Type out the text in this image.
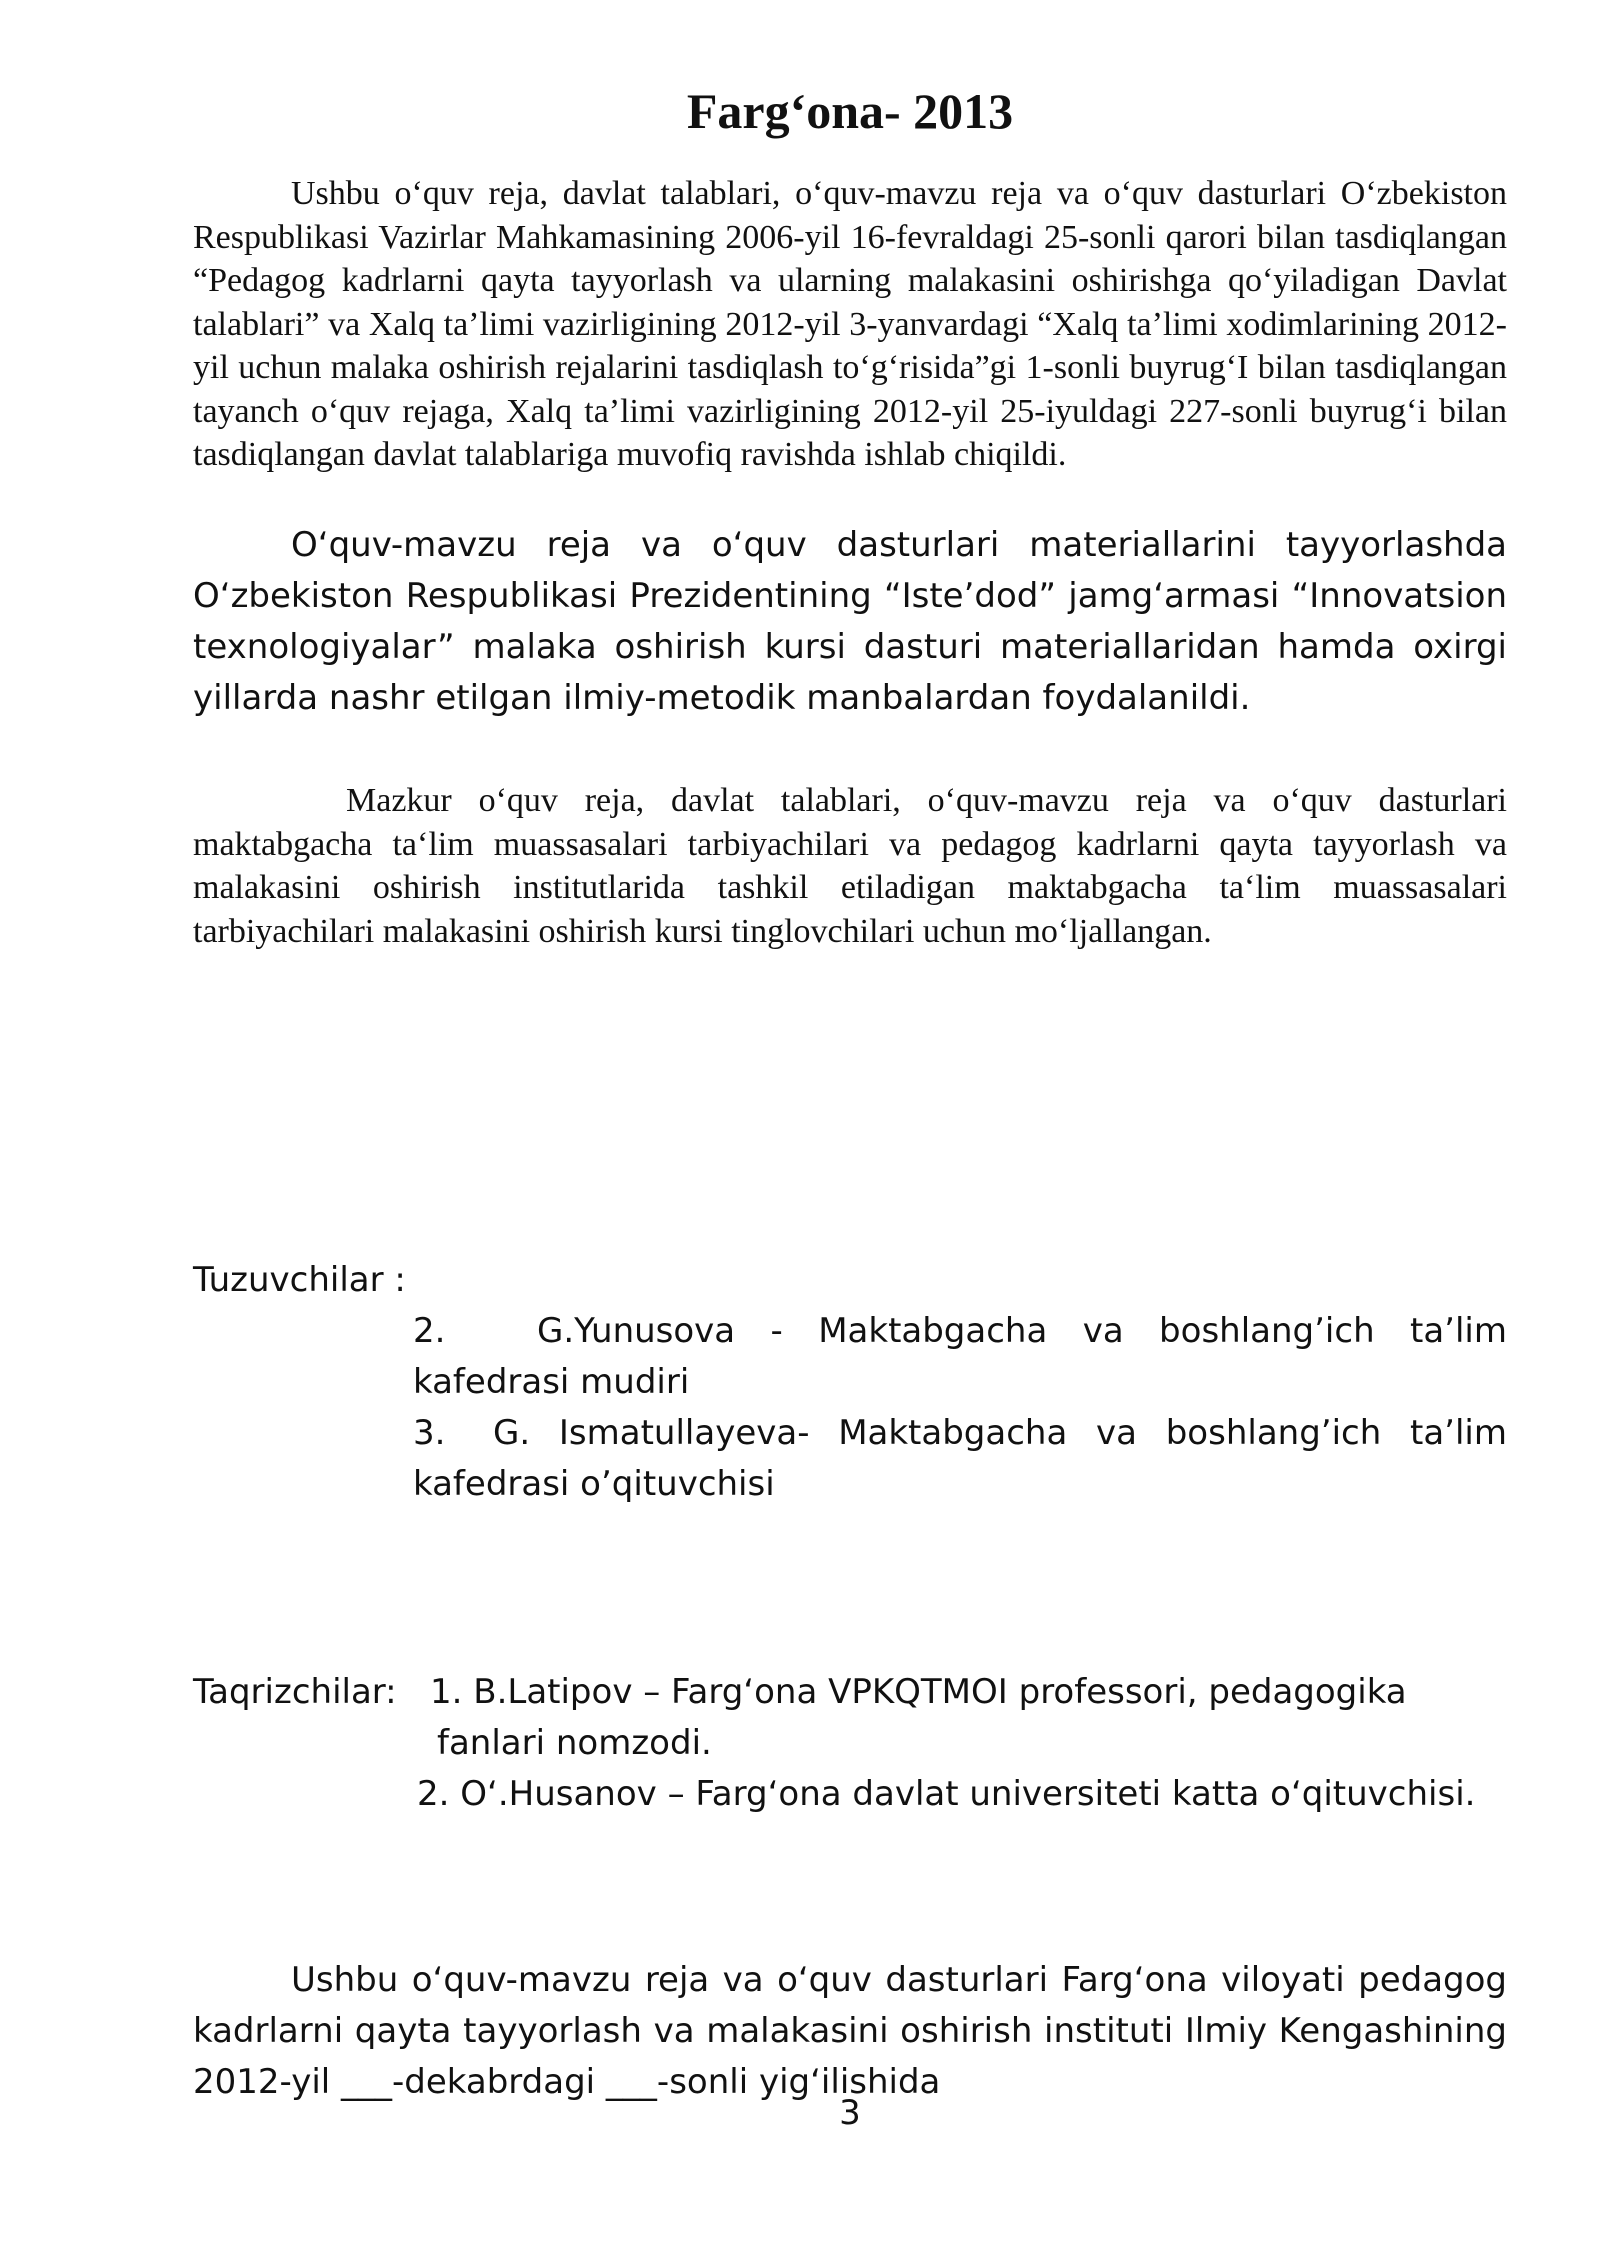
Farg‘ona- 2013

Ushbu o‘quv reja, davlat talablari, o‘quv-mavzu reja va o‘quv dasturlari O‘zbekiston Respublikasi Vazirlar Mahkamasining 2006-yil 16-fevraldagi 25-sonli qarori bilan tasdiqlangan “Pedagog kadrlarni qayta tayyorlash va ularning malakasini oshirishga qo‘yiladigan Davlat talablari” va Xalq ta’limi vazirligining 2012-yil 3-yanvardagi “Xalq ta’limi xodimlarining 2012-yil uchun malaka oshirish rejalarini tasdiqlash to‘g‘risida”gi 1-sonli buyrug‘I bilan tasdiqlangan tayanch o‘quv rejaga, Xalq ta’limi vazirligining 2012-yil 25-iyuldagi 227-sonli buyrug‘i bilan tasdiqlangan davlat talablariga muvofiq ravishda ishlab chiqildi.

O‘quv-mavzu reja va o‘quv dasturlari materiallarini tayyorlashda O‘zbekiston Respublikasi Prezidentining “Iste’dod” jamg‘armasi “Innovatsion texnologiyalar” malaka oshirish kursi dasturi materiallaridan hamda oxirgi yillarda nashr etilgan ilmiy-metodik manbalardan foydalanildi.

Mazkur o‘quv reja, davlat talablari, o‘quv-mavzu reja va o‘quv dasturlari maktabgacha ta‘lim muassasalari tarbiyachilari va pedagog kadrlarni qayta tayyorlash va malakasini oshirish institutlarida tashkil etiladigan maktabgacha ta‘lim muassasalari tarbiyachilari malakasini oshirish kursi tinglovchilari uchun mo‘ljallangan.

Tuzuvchilar :
2.	G.Yunusova - Maktabgacha va boshlang’ich ta’lim kafedrasi mudiri
3.	G. Ismatullayeva- Maktabgacha va boshlang’ich ta’lim kafedrasi o’qituvchisi
Taqrizchilar: 1. B.Latipov – Farg‘ona VPKQTMOI professori, pedagogika
fanlari nomzodi.
2. O‘.Husanov – Farg‘ona davlat universiteti katta o‘qituvchisi.

Ushbu o‘quv-mavzu reja va o‘quv dasturlari Farg‘ona viloyati pedagog kadrlarni qayta tayyorlash va malakasini oshirish instituti Ilmiy Kengashining 2012-yil ___-dekabrdagi ___-sonli yig‘ilishida

3
